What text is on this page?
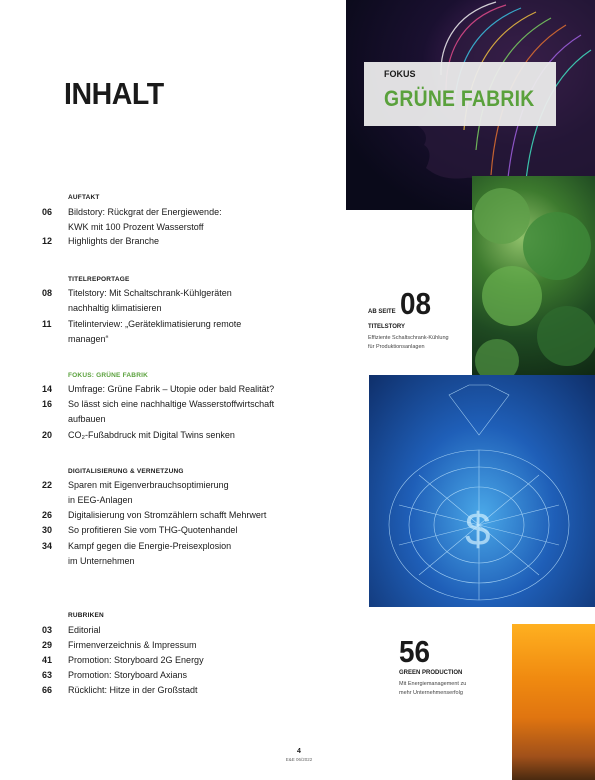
INHALT
$
FOKUS
GRÜNE FABRIK
AB SEITE 08
TITELSTORY
Effiziente Schaltschrank-Kühlung
für Produktionsanlagen
56
GREEN PRODUCTION
Mit Energiemanagement zu
mehr Unternehmenserfolg
AUFTAKT
06	Bildstory: Rückgrat der Energiewende:
KWK mit 100 Prozent Wasserstoff
12	Highlights der Branche
TITELREPORTAGE
08	Titelstory: Mit Schaltschrank-Kühlgeräten
nachhaltig klimatisieren
11	Titelinterview: „Geräteklimatisierung remote
managen“
FOKUS: GRÜNE FABRIK
14	Umfrage: Grüne Fabrik – Utopie oder bald Realität?
16	So lässt sich eine nachhaltige Wasserstoffwirtschaft
aufbauen
20	CO₂-Fußabdruck mit Digital Twins senken
DIGITALISIERUNG & VERNETZUNG
22	Sparen mit Eigenverbrauchsoptimierung
in EEG-Anlagen
26	Digitalisierung von Stromzählern schafft Mehrwert
30	So profitieren Sie vom THG-Quotenhandel
34	Kampf gegen die Energie-Preisexplosion
im Unternehmen
RUBRIKEN
03	Editorial
29	Firmenverzeichnis & Impressum
41	Promotion: Storyboard 2G Energy
63	Promotion: Storyboard Axians
66	Rücklicht: Hitze in der Großstadt
4
E&E 06/2022
